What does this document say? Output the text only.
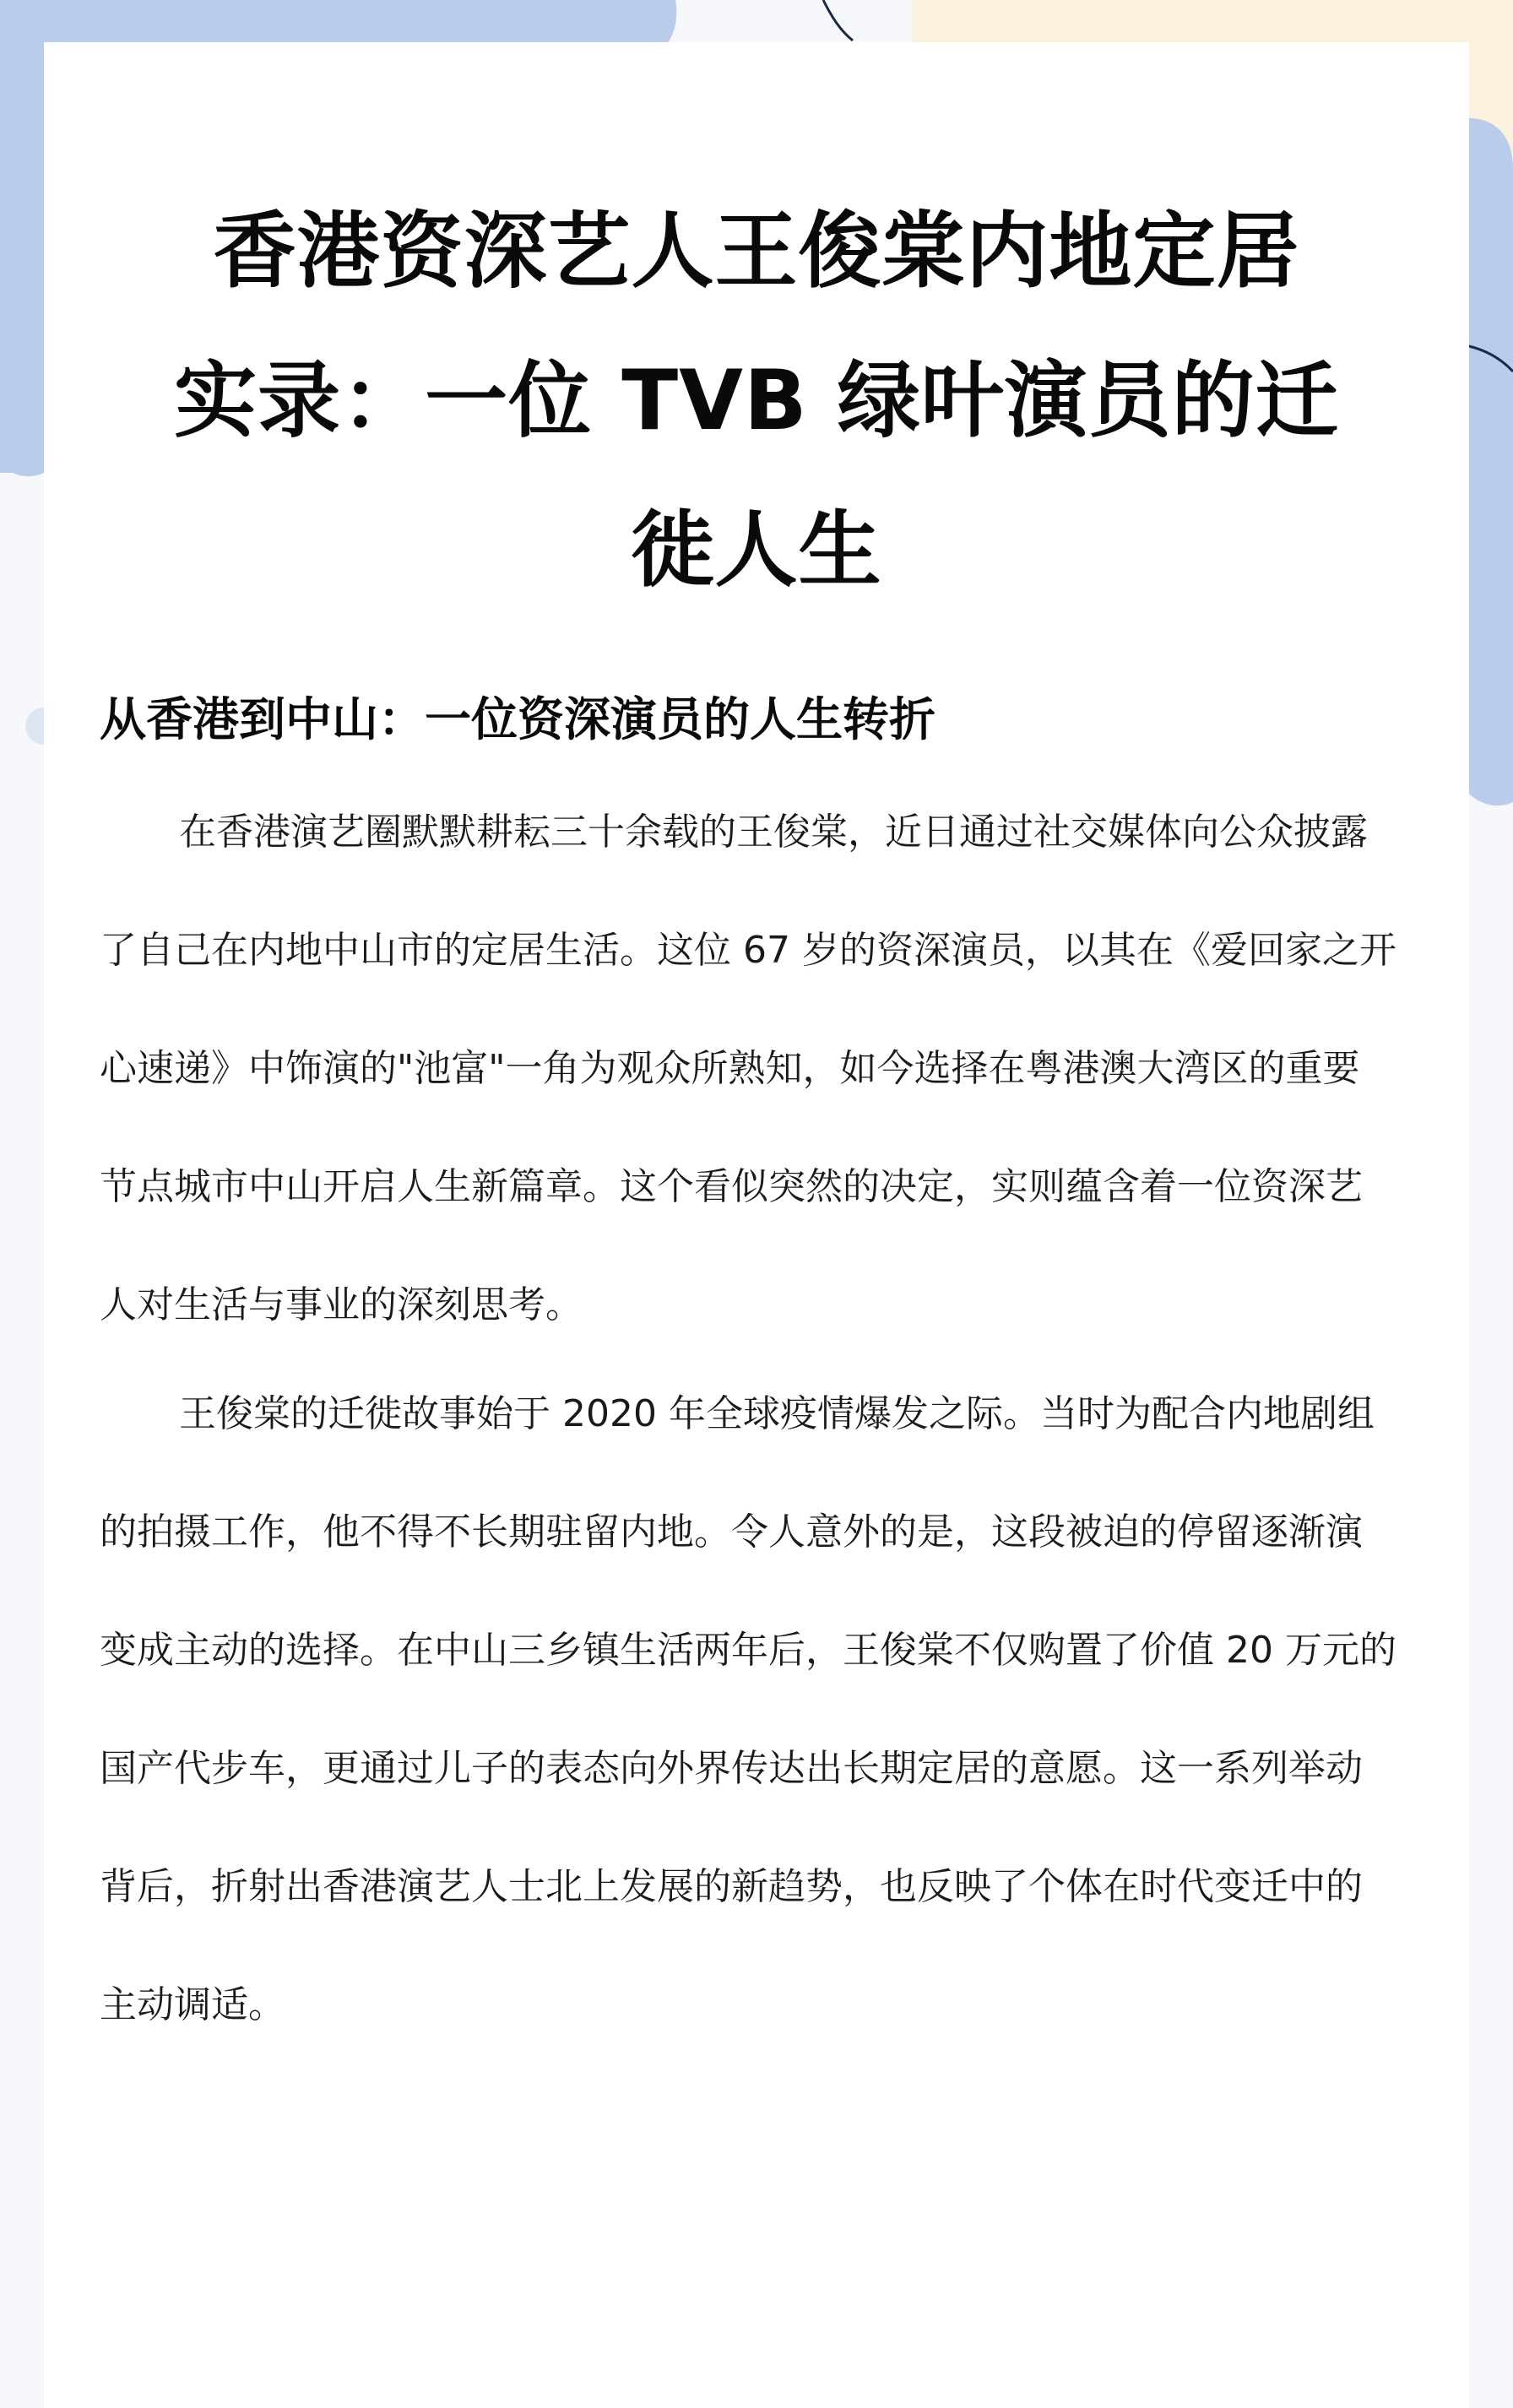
香港资深艺人王俊棠内地定居
实录：一位 TVB 绿叶演员的迁
徙人生
从香港到中山：一位资深演员的人生转折

在香港演艺圈默默耕耘三十余载的王俊棠，近日通过社交媒体向公众披露
了自己在内地中山市的定居生活。这位 67 岁的资深演员，以其在《爱回家之开
心速递》中饰演的"池富"一角为观众所熟知，如今选择在粤港澳大湾区的重要
节点城市中山开启人生新篇章。这个看似突然的决定，实则蕴含着一位资深艺
人对生活与事业的深刻思考。

王俊棠的迁徙故事始于 2020 年全球疫情爆发之际。当时为配合内地剧组
的拍摄工作，他不得不长期驻留内地。令人意外的是，这段被迫的停留逐渐演
变成主动的选择。在中山三乡镇生活两年后，王俊棠不仅购置了价值 20 万元的
国产代步车，更通过儿子的表态向外界传达出长期定居的意愿。这一系列举动
背后，折射出香港演艺人士北上发展的新趋势，也反映了个体在时代变迁中的
主动调适。
